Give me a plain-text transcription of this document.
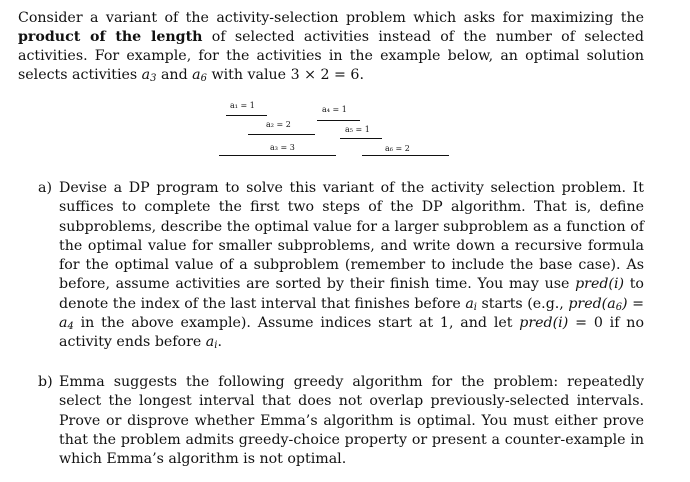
Consider a variant of the activity-selection problem which asks for maximizing the product of the length of selected activities instead of the number of selected activities. For example, for the activities in the example below, an optimal solution selects activities $a_3$ and $a_6$ with value 3 × 2 = 6.

a₁ = 1	a₄ = 1
a₂ = 2
a₅ = 1
a₃ = 3	a₆ = 2
a) Devise a DP program to solve this variant of the activity selection problem. It suffices to complete the first two steps of the DP algorithm. That is, define subproblems, describe the optimal value for a larger subproblem as a function of the optimal value for smaller subproblems, and write down a recursive formula for the optimal value of a subproblem (remember to include the base case). As before, assume activities are sorted by their finish time. You may use pred(i) to denote the index of the last interval that finishes before $a_i$ starts (e.g., $pred(a_6) = a_4$ in the above example). Assume indices start at 1, and let pred(i) = 0 if no activity ends before $a_i$.
b) Emma suggests the following greedy algorithm for the problem: repeatedly select the longest interval that does not overlap previously-selected intervals. Prove or disprove whether Emma’s algorithm is optimal. You must either prove that the problem admits greedy-choice property or present a counter-example in which Emma’s algorithm is not optimal.
